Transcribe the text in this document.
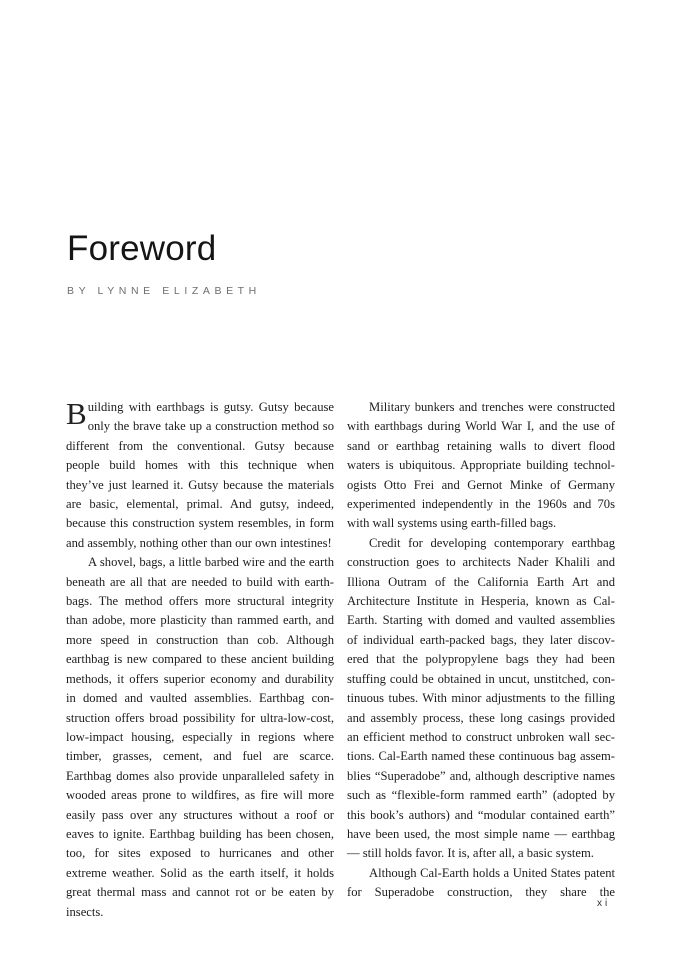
Foreword
BY LYNNE ELIZABETH

Building with earthbags is gutsy. Gutsy because only the brave take up a construction method so different from the conventional. Gutsy because people build homes with this technique when they’ve just learned it. Gutsy because the materials are basic, elemental, primal. And gutsy, indeed, because this construction system resembles, in form and assembly, nothing other than our own intestines!

A shovel, bags, a little barbed wire and the earth beneath are all that are needed to build with earthbags. The method offers more structural integrity than adobe, more plasticity than rammed earth, and more speed in construction than cob. Although earthbag is new compared to these ancient building methods, it offers superior economy and durability in domed and vaulted assemblies. Earthbag construction offers broad possibility for ultra-low-cost, low-impact housing, especially in regions where timber, grasses, cement, and fuel are scarce. Earthbag domes also provide unparalleled safety in wooded areas prone to wildfires, as fire will more easily pass over any structures without a roof or eaves to ignite. Earthbag building has been chosen, too, for sites exposed to hurricanes and other extreme weather. Solid as the earth itself, it holds great thermal mass and cannot rot or be eaten by insects.

Military bunkers and trenches were constructed with earthbags during World War I, and the use of sand or earthbag retaining walls to divert flood waters is ubiquitous. Appropriate building technologists Otto Frei and Gernot Minke of Germany experimented independently in the 1960s and 70s with wall systems using earth-filled bags.

Credit for developing contemporary earthbag construction goes to architects Nader Khalili and Illiona Outram of the California Earth Art and Architecture Institute in Hesperia, known as Cal-Earth. Starting with domed and vaulted assemblies of individual earth-packed bags, they later discovered that the polypropylene bags they had been stuffing could be obtained in uncut, unstitched, continuous tubes. With minor adjustments to the filling and assembly process, these long casings provided an efficient method to construct unbroken wall sections. Cal-Earth named these continuous bag assemblies “Superadobe” and, although descriptive names such as “flexible-form rammed earth” (adopted by this book’s authors) and “modular contained earth” have been used, the most simple name — earthbag — still holds favor. It is, after all, a basic system.

Although Cal-Earth holds a United States patent for Superadobe construction, they share the

xi
